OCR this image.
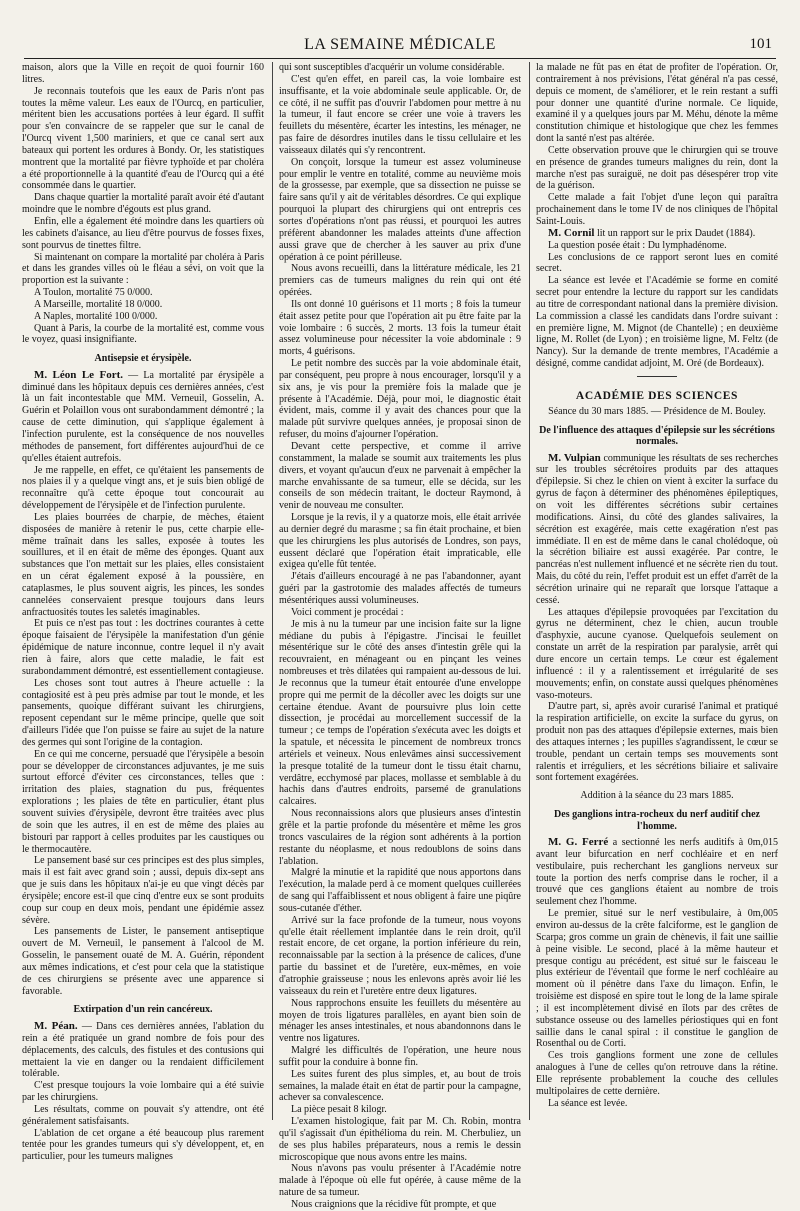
LA SEMAINE MÉDICALE	101

maison, alors que la Ville en reçoit de quoi fournir 160 litres.

Je reconnais toutefois que les eaux de Paris n'ont pas toutes la même valeur. Les eaux de l'Ourcq, en particulier, méritent bien les accusations portées à leur égard. Il suffit pour s'en convaincre de se rappeler que sur le canal de l'Ourcq vivent 1,500 mariniers, et que ce canal sert aux bateaux qui portent les ordures à Bondy. Or, les statistiques montrent que la mortalité par fièvre typhoïde et par choléra a été proportionnelle à la quantité d'eau de l'Ourcq qui a été consommée dans le quartier.

Dans chaque quartier la mortalité paraît avoir été d'autant moindre que le nombre d'égouts est plus grand.

Enfin, elle a également été moindre dans les quartiers où les cabinets d'aisance, au lieu d'être pourvus de fosses fixes, sont pourvus de tinettes filtre.

Si maintenant on compare la mortalité par choléra à Paris et dans les grandes villes où le fléau a sévi, on voit que la proportion est la suivante :

A Toulon, mortalité 75 0/000.

A Marseille, mortalité 18 0/000.

A Naples, mortalité 100 0/000.

Quant à Paris, la courbe de la mortalité est, comme vous le voyez, quasi insignifiante.

Antisepsie et érysipèle.

M. Léon Le Fort. — La mortalité par érysipèle a diminué dans les hôpitaux depuis ces dernières années, c'est là un fait incontestable que MM. Verneuil, Gosselin, A. Guérin et Polaillon vous ont surabondamment démontré ; la cause de cette diminution, qui s'applique également à l'infection purulente, est la conséquence de nos nouvelles méthodes de pansement, fort différentes aujourd'hui de ce qu'elles étaient autrefois.

Je me rappelle, en effet, ce qu'étaient les pansements de nos plaies il y a quelque vingt ans, et je suis bien obligé de reconnaître qu'à cette époque tout concourait au développement de l'érysipèle et de l'infection purulente.

Les plaies bourrées de charpie, de mèches, étaient disposées de manière à retenir le pus, cette charpie elle-même traînait dans les salles, exposée à toutes les souillures, et il en était de même des éponges. Quant aux substances que l'on mettait sur les plaies, elles consistaient en un cérat également exposé à la poussière, en cataplasmes, le plus souvent aigris, les pinces, les sondes cannelées conservaient presque toujours dans leurs anfractuosités toutes les saletés imaginables.

Et puis ce n'est pas tout : les doctrines courantes à cette époque faisaient de l'érysipèle la manifestation d'un génie épidémique de nature inconnue, contre lequel il n'y avait rien à faire, alors que cette maladie, le fait est surabondamment démontré, est essentiellement contagieuse.

Les choses sont tout autres à l'heure actuelle : la contagiosité est à peu près admise par tout le monde, et les pansements, quoique différant suivant les chirurgiens, reposent cependant sur le même principe, quelle que soit d'ailleurs l'idée que l'on puisse se faire au sujet de la nature des germes qui sont l'origine de la contagion.

En ce qui me concerne, persuadé que l'érysipèle a besoin pour se développer de circonstances adjuvantes, je me suis surtout efforcé d'éviter ces circonstances, telles que : irritation des plaies, stagnation du pus, fréquentes explorations ; les plaies de tête en particulier, étant plus souvent suivies d'érysipèle, devront être traitées avec plus de soin que les autres, il en est de même des plaies au bistouri par rapport à celles produites par les caustiques ou le thermocautère.

Le pansement basé sur ces principes est des plus simples, mais il est fait avec grand soin ; aussi, depuis dix-sept ans que je suis dans les hôpitaux n'ai-je eu que vingt décès par érysipèle; encore est-il que cinq d'entre eux se sont produits coup sur coup en deux mois, pendant une épidémie assez sévère.

Les pansements de Lister, le pansement antiseptique ouvert de M. Verneuil, le pansement à l'alcool de M. Gosselin, le pansement ouaté de M. A. Guérin, répondent aux mêmes indications, et c'est pour cela que la statistique de ces chirurgiens se présente avec une apparence si favorable.

Extirpation d'un rein cancéreux.

M. Péan. — Dans ces dernières années, l'ablation du rein a été pratiquée un grand nombre de fois pour des déplacements, des calculs, des fistules et des contusions qui mettaient la vie en danger ou la rendaient difficilement tolérable.

C'est presque toujours la voie lombaire qui a été suivie par les chirurgiens.

Les résultats, comme on pouvait s'y attendre, ont été généralement satisfaisants.

L'ablation de cet organe a été beaucoup plus rarement tentée pour les grandes tumeurs qui s'y développent, et, en particulier, pour les tumeurs malignes

qui sont susceptibles d'acquérir un volume considérable.

C'est qu'en effet, en pareil cas, la voie lombaire est insuffisante, et la voie abdominale seule applicable. Or, de ce côté, il ne suffit pas d'ouvrir l'abdomen pour mettre à nu la tumeur, il faut encore se créer une voie à travers les feuillets du mésentère, écarter les intestins, les ménager, ne pas faire de désordres inutiles dans le tissu cellulaire et les vaisseaux dilatés qui s'y rencontrent.

On conçoit, lorsque la tumeur est assez volumineuse pour emplir le ventre en totalité, comme au neuvième mois de la grossesse, par exemple, que sa dissection ne puisse se faire sans qu'il y ait de véritables désordres. Ce qui explique pourquoi la plupart des chirurgiens qui ont entrepris ces sortes d'opérations n'ont pas réussi, et pourquoi les autres préfèrent abandonner les malades atteints d'une affection aussi grave que de chercher à les sauver au prix d'une opération à ce point périlleuse.

Nous avons recueilli, dans la littérature médicale, les 21 premiers cas de tumeurs malignes du rein qui ont été opérées.

Ils ont donné 10 guérisons et 11 morts ; 8 fois la tumeur était assez petite pour que l'opération ait pu être faite par la voie lombaire : 6 succès, 2 morts. 13 fois la tumeur était assez volumineuse pour nécessiter la voie abdominale : 9 morts, 4 guérisons.

Le petit nombre des succès par la voie abdominale était, par conséquent, peu propre à nous encourager, lorsqu'il y a six ans, je vis pour la première fois la malade que je présente à l'Académie. Déjà, pour moi, le diagnostic était évident, mais, comme il y avait des chances pour que la malade pût survivre quelques années, je proposai sinon de refuser, du moins d'ajourner l'opération.

Devant cette perspective, et comme il arrive constamment, la malade se soumit aux traitements les plus divers, et voyant qu'aucun d'eux ne parvenait à empêcher la marche envahissante de sa tumeur, elle se décida, sur les conseils de son médecin traitant, le docteur Raymond, à venir de nouveau me consulter.

Lorsque je la revis, il y a quatorze mois, elle était arrivée au dernier degré du marasme ; sa fin était prochaine, et bien que les chirurgiens les plus autorisés de Londres, son pays, eussent déclaré que l'opération était impraticable, elle exigea qu'elle fût tentée.

J'étais d'ailleurs encouragé à ne pas l'abandonner, ayant guéri par la gastrotomie des malades affectés de tumeurs mésentériques aussi volumineuses.

Voici comment je procédai :

Je mis à nu la tumeur par une incision faite sur la ligne médiane du pubis à l'épigastre. J'incisai le feuillet mésentérique sur le côté des anses d'intestin grêle qui la recouvraient, en ménageant ou en pinçant les veines nombreuses et très dilatées qui rampaient au-dessous de lui. Je reconnus que la tumeur était entourée d'une enveloppe propre qui me permit de la décoller avec les doigts sur une certaine étendue. Avant de poursuivre plus loin cette dissection, je procédai au morcellement successif de la tumeur ; ce temps de l'opération s'exécuta avec les doigts et la spatule, et nécessita le pincement de nombreux troncs artériels et veineux. Nous enlevâmes ainsi successivement la presque totalité de la tumeur dont le tissu était charnu, verdâtre, ecchymosé par places, mollasse et semblable à du hachis dans d'autres endroits, parsemé de granulations calcaires.

Nous reconnaissions alors que plusieurs anses d'intestin grêle et la partie profonde du mésentère et même les gros troncs vasculaires de la région sont adhérents à la portion restante du néoplasme, et nous redoublons de soins dans l'ablation.

Malgré la minutie et la rapidité que nous apportons dans l'exécution, la malade perd à ce moment quelques cuillerées de sang qui l'affaiblissent et nous obligent à faire une piqûre sous-cutanée d'éther.

Arrivé sur la face profonde de la tumeur, nous voyons qu'elle était réellement implantée dans le rein droit, qu'il restait encore, de cet organe, la portion inférieure du rein, reconnaissable par la section à la présence de calices, d'une partie du bassinet et de l'uretère, eux-mêmes, en voie d'atrophie graisseuse ; nous les enlevons après avoir lié les vaisseaux du rein et l'uretère entre deux ligatures.

Nous rapprochons ensuite les feuillets du mésentère au moyen de trois ligatures parallèles, en ayant bien soin de ménager les anses intestinales, et nous abandonnons dans le ventre nos ligatures.

Malgré les difficultés de l'opération, une heure nous suffit pour la conduire à bonne fin.

Les suites furent des plus simples, et, au bout de trois semaines, la malade était en état de partir pour la campagne, achever sa convalescence.

La pièce pesait 8 kilogr.

L'examen histologique, fait par M. Ch. Robin, montra qu'il s'agissait d'un épithélioma du rein. M. Cherbuliez, un de ses plus habiles préparateurs, nous a remis le dessin microscopique que nous avons entre les mains.

Nous n'avons pas voulu présenter à l'Académie notre malade à l'époque où elle fut opérée, à cause même de la nature de sa tumeur.

Nous craignions que la récidive fût prompte, et que

la malade ne fût pas en état de profiter de l'opération. Or, contrairement à nos prévisions, l'état général n'a pas cessé, depuis ce moment, de s'améliorer, et le rein restant a suffi pour donner une quantité d'urine normale. Ce liquide, examiné il y a quelques jours par M. Méhu, dénote la même constitution chimique et histologique que chez les femmes dont la santé n'est pas altérée.

Cette observation prouve que le chirurgien qui se trouve en présence de grandes tumeurs malignes du rein, dont la marche n'est pas suraiguë, ne doit pas désespérer trop vite de la guérison.

Cette malade a fait l'objet d'une leçon qui paraîtra prochainement dans le tome IV de nos cliniques de l'hôpital Saint-Louis.

M. Cornil lit un rapport sur le prix Daudet (1884).

La question posée était : Du lymphadénome.

Les conclusions de ce rapport seront lues en comité secret.

La séance est levée et l'Académie se forme en comité secret pour entendre la lecture du rapport sur les candidats au titre de correspondant national dans la première division. La commission a classé les candidats dans l'ordre suivant : en première ligne, M. Mignot (de Chantelle) ; en deuxième ligne, M. Rollet (de Lyon) ; en troisième ligne, M. Feltz (de Nancy). Sur la demande de trente membres, l'Académie a désigné, comme candidat adjoint, M. Oré (de Bordeaux).

ACADÉMIE DES SCIENCES
Séance du 30 mars 1885. — Présidence de M. Bouley.
De l'influence des attaques d'épilepsie sur les sécrétions normales.

M. Vulpian communique les résultats de ses recherches sur les troubles sécrétoires produits par des attaques d'épilepsie. Si chez le chien on vient à exciter la surface du gyrus de façon à déterminer des phénomènes épileptiques, on voit les différentes sécrétions subir certaines modifications. Ainsi, du côté des glandes salivaires, la sécrétion est exagérée, mais cette exagération n'est pas immédiate. Il en est de même dans le canal cholédoque, où la sécrétion biliaire est aussi exagérée. Par contre, le pancréas n'est nullement influencé et ne sécrète rien du tout. Mais, du côté du rein, l'effet produit est un effet d'arrêt de la sécrétion urinaire qui ne reparaît que lorsque l'attaque a cessé.

Les attaques d'épilepsie provoquées par l'excitation du gyrus ne déterminent, chez le chien, aucun trouble d'asphyxie, aucune cyanose. Quelquefois seulement on constate un arrêt de la respiration par paralysie, arrêt qui dure encore un certain temps. Le cœur est également influencé : il y a ralentissement et irrégularité de ses mouvements; enfin, on constate aussi quelques phénomènes vaso-moteurs.

D'autre part, si, après avoir curarisé l'animal et pratiqué la respiration artificielle, on excite la surface du gyrus, on produit non pas des attaques d'épilepsie externes, mais bien des attaques internes ; les pupilles s'agrandissent, le cœur se trouble, pendant un certain temps ses mouvements sont ralentis et irréguliers, et les sécrétions biliaire et salivaire sont fortement exagérées.

Addition à la séance du 23 mars 1885.
Des ganglions intra-rocheux du nerf auditif chez l'homme.

M. G. Ferré a sectionné les nerfs auditifs à 0m,015 avant leur bifurcation en nerf cochléaire et en nerf vestibulaire, puis recherchant les ganglions nerveux sur toute la portion des nerfs comprise dans le rocher, il a trouvé que ces ganglions étaient au nombre de trois seulement chez l'homme.

Le premier, situé sur le nerf vestibulaire, à 0m,005 environ au-dessus de la crête falciforme, est le ganglion de Scarpa; gros comme un grain de chènevis, il fait une saillie à peine visible. Le second, placé à la même hauteur et presque contigu au précédent, est situé sur le faisceau le plus extérieur de l'éventail que forme le nerf cochléaire au moment où il pénètre dans l'axe du limaçon. Enfin, le troisième est disposé en spire tout le long de la lame spirale ; il est incomplètement divisé en îlots par des crêtes de substance osseuse ou des lamelles périostiques qui en font saillie dans le canal spiral : il constitue le ganglion de Rosenthal ou de Corti.

Ces trois ganglions forment une zone de cellules analogues à l'une de celles qu'on retrouve dans la rétine. Elle représente probablement la couche des cellules multipolaires de cette dernière.

La séance est levée.
